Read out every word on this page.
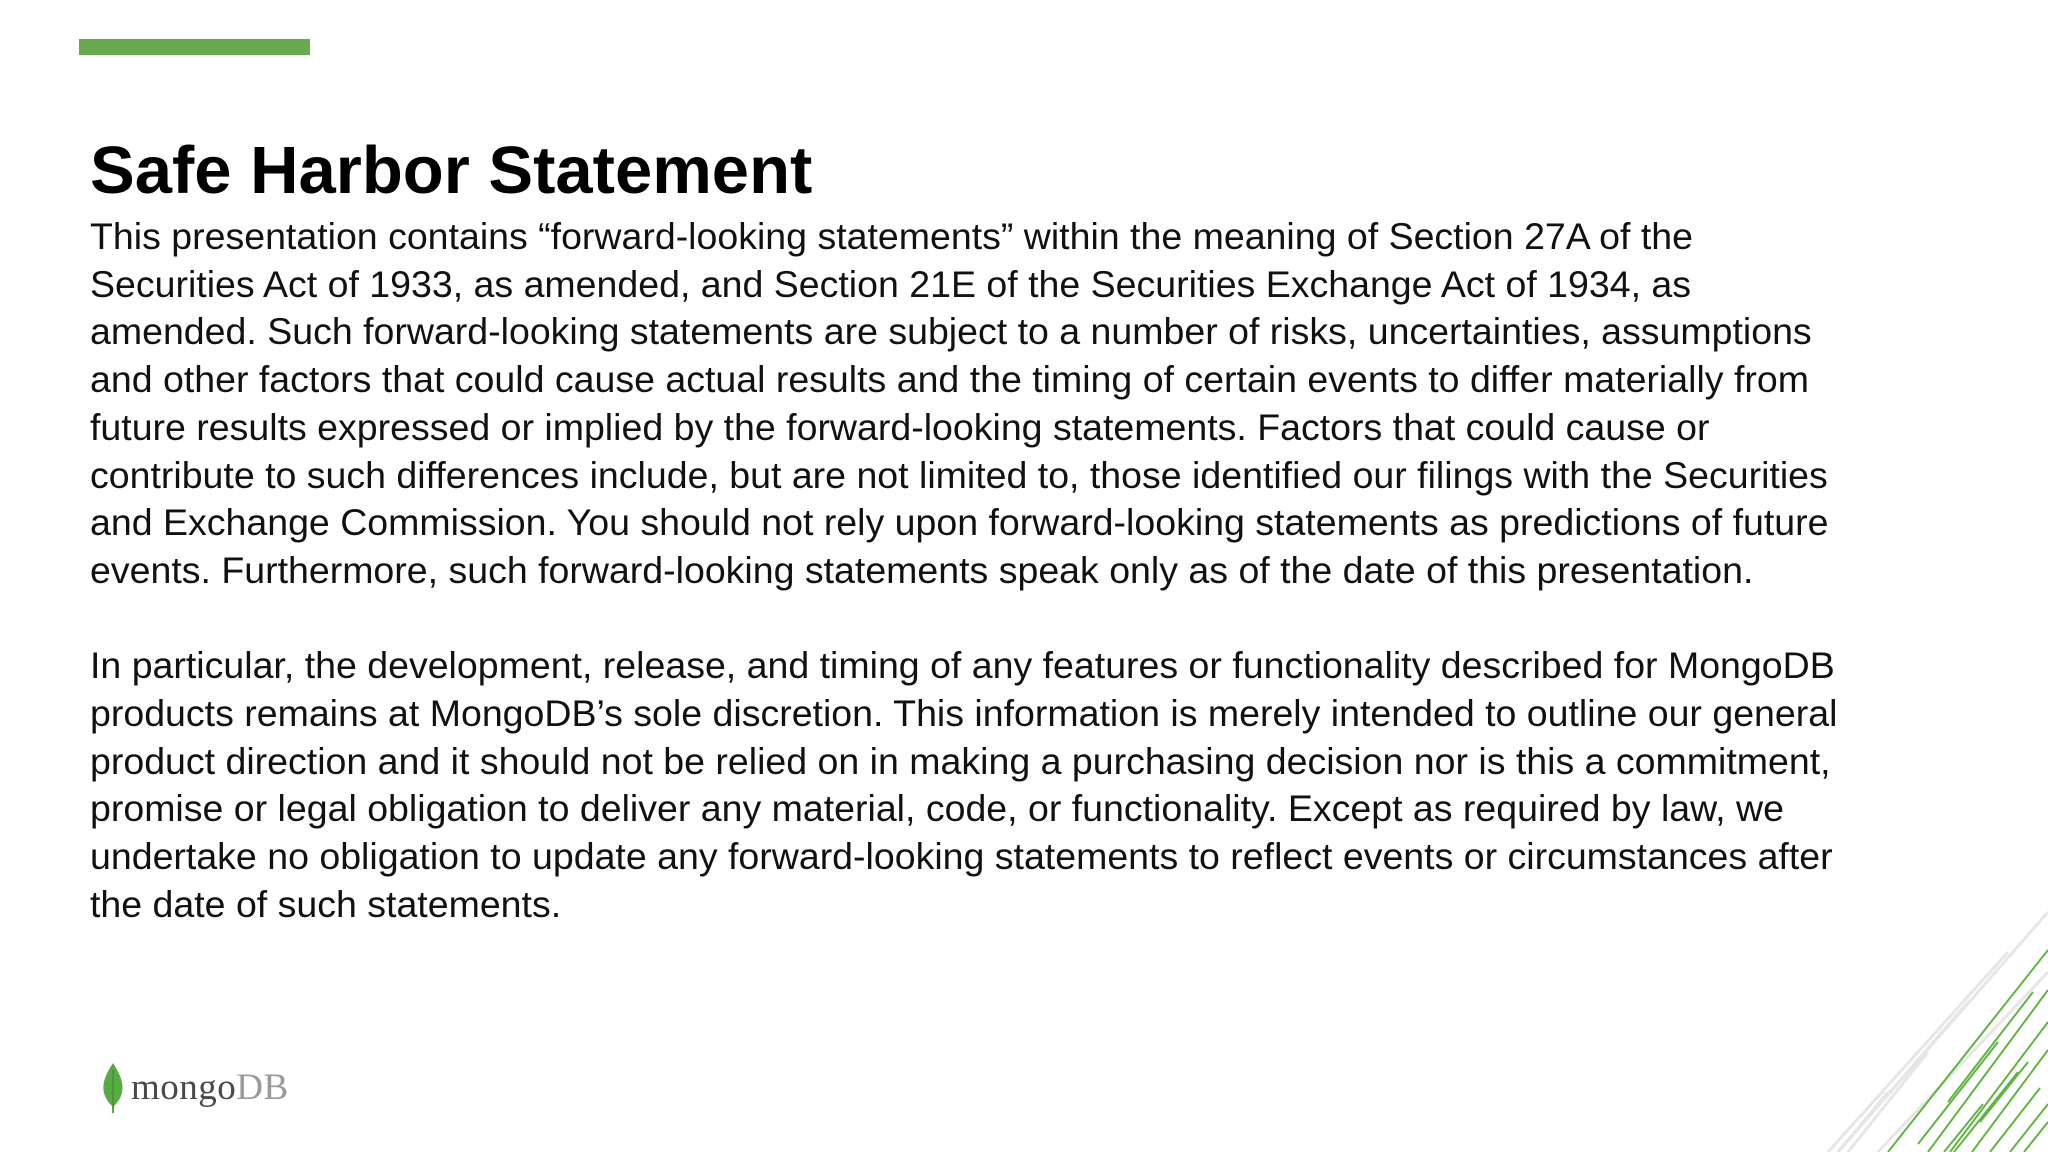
Safe Harbor Statement

This presentation contains “forward-looking statements” within the meaning of Section 27A of the
Securities Act of 1933, as amended, and Section 21E of the Securities Exchange Act of 1934, as
amended. Such forward-looking statements are subject to a number of risks, uncertainties, assumptions
and other factors that could cause actual results and the timing of certain events to differ materially from
future results expressed or implied by the forward-looking statements. Factors that could cause or
contribute to such differences include, but are not limited to, those identified our filings with the Securities
and Exchange Commission. You should not rely upon forward-looking statements as predictions of future
events. Furthermore, such forward-looking statements speak only as of the date of this presentation.

In particular, the development, release, and timing of any features or functionality described for MongoDB
products remains at MongoDB’s sole discretion. This information is merely intended to outline our general
product direction and it should not be relied on in making a purchasing decision nor is this a commitment,
promise or legal obligation to deliver any material, code, or functionality. Except as required by law, we
undertake no obligation to update any forward-looking statements to reflect events or circumstances after
the date of such statements.

mongoDB
